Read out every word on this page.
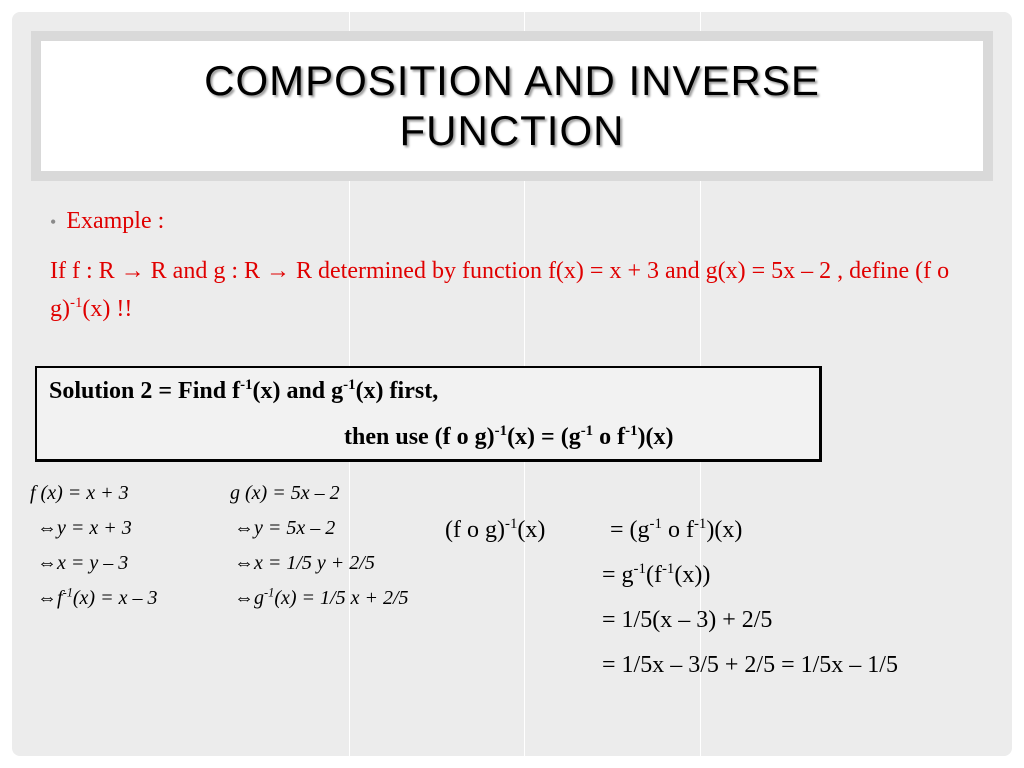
COMPOSITION AND INVERSE
FUNCTION
• Example :
If f : R → R and g : R → R determined by function f(x) = x + 3 and g(x) = 5x – 2 , define (f o g)$^{-1}$(x) !!
Solution 2 = Find $f^{-1}(x)$ and $g^{-1}(x)$ first,
then use (f o $g)^{-1}(x) = (g^{-1}$ o $f^{-1})(x)$
f (x) = x + 3
⇔y = x + 3
⇔x = y – 3
$\Leftrightarrow f^{-1}(x) = x - 3$
g (x) = 5x – 2
⇔y = 5x – 2
⇔x = 1/5 y + 2/5
$\Leftrightarrow g^{-1}(x) = 1/5$ x + 2/5
(f o g)$^{-1}$(x)	= ($g^{-1}$ o $f^{-1})(x)$
= $g^{-1}(f^{-1}(x))$
= 1/5(x – 3) + 2/5
= 1/5x – 3/5 + 2/5 = 1/5x – 1/5
